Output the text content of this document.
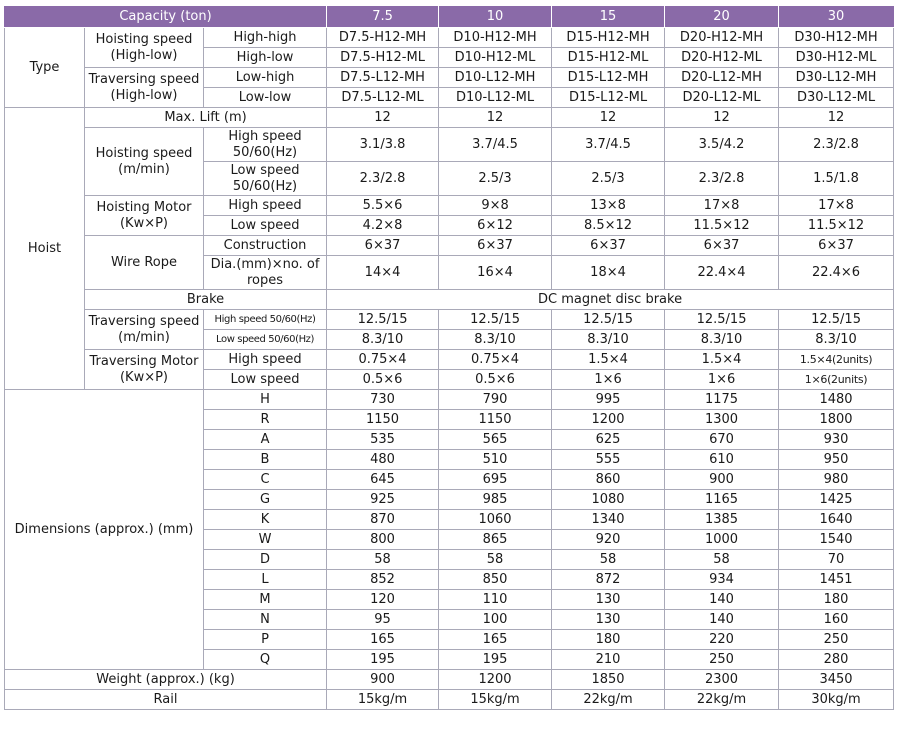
Capacity (ton)			7.5	10	15	20	30
Type	Hoisting speed (High-low)	High-high	D7.5-H12-MH	D10-H12-MH	D15-H12-MH	D20-H12-MH	D30-H12-MH
		High-low	D7.5-H12-ML	D10-H12-ML	D15-H12-ML	D20-H12-ML	D30-H12-ML
	Traversing speed (High-low)	Low-high	D7.5-L12-MH	D10-L12-MH	D15-L12-MH	D20-L12-MH	D30-L12-MH
		Low-low	D7.5-L12-ML	D10-L12-ML	D15-L12-ML	D20-L12-ML	D30-L12-ML
Hoist	Max. Lift (m)		12	12	12	12	12
	Hoisting speed (m/min)	High speed 50/60(Hz)	3.1/3.8	3.7/4.5	3.7/4.5	3.5/4.2	2.3/2.8
		Low speed 50/60(Hz)	2.3/2.8	2.5/3	2.5/3	2.3/2.8	1.5/1.8
	Hoisting Motor (Kw×P)	High speed	5.5×6	9×8	13×8	17×8	17×8
		Low speed	4.2×8	6×12	8.5×12	11.5×12	11.5×12
	Wire Rope	Construction	6×37	6×37	6×37	6×37	6×37
		Dia.(mm)×no. of ropes	14×4	16×4	18×4	22.4×4	22.4×6
	Brake		DC magnet disc brake				
	Traversing speed (m/min)	High speed 50/60(Hz)	12.5/15	12.5/15	12.5/15	12.5/15	12.5/15
		Low speed 50/60(Hz)	8.3/10	8.3/10	8.3/10	8.3/10	8.3/10
	Traversing Motor (Kw×P)	High speed	0.75×4	0.75×4	1.5×4	1.5×4	1.5×4(2units)
		Low speed	0.5×6	0.5×6	1×6	1×6	1×6(2units)
Dimensions (approx.) (mm)		H	730	790	995	1175	1480
		R	1150	1150	1200	1300	1800
		A	535	565	625	670	930
		B	480	510	555	610	950
		C	645	695	860	900	980
		G	925	985	1080	1165	1425
		K	870	1060	1340	1385	1640
		W	800	865	920	1000	1540
		D	58	58	58	58	70
		L	852	850	872	934	1451
		M	120	110	130	140	180
		N	95	100	130	140	160
		P	165	165	180	220	250
		Q	195	195	210	250	280
Weight (approx.) (kg)			900	1200	1850	2300	3450
Rail			15kg/m	15kg/m	22kg/m	22kg/m	30kg/m
